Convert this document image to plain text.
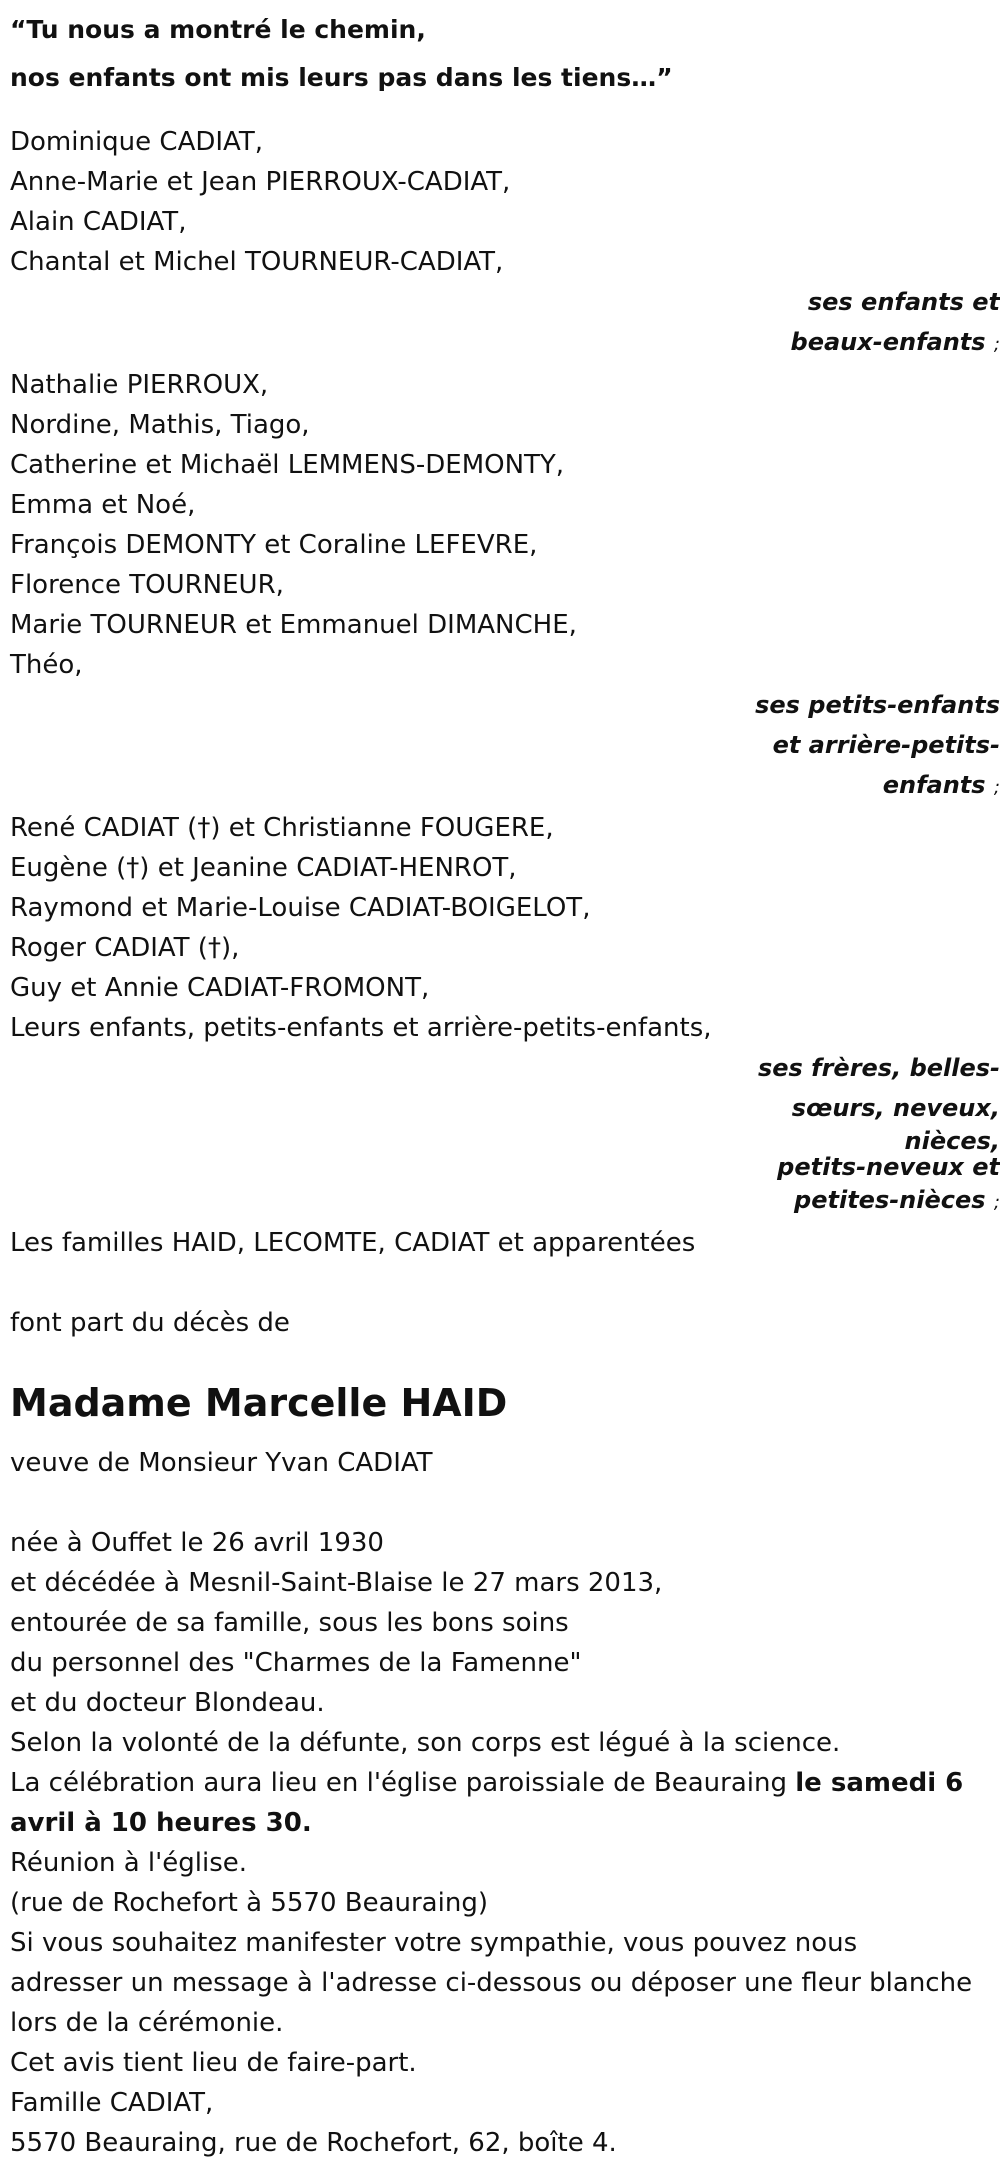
“Tu nous a montré le chemin,
nos enfants ont mis leurs pas dans les tiens…”
Dominique CADIAT,
Anne-Marie et Jean PIERROUX-CADIAT,
Alain CADIAT,
Chantal et Michel TOURNEUR-CADIAT,
ses enfants et
beaux-enfants ;
Nathalie PIERROUX,
Nordine, Mathis, Tiago,
Catherine et Michaël LEMMENS-DEMONTY,
Emma et Noé,
François DEMONTY et Coraline LEFEVRE,
Florence TOURNEUR,
Marie TOURNEUR et Emmanuel DIMANCHE,
Théo,
ses petits-enfants
et arrière-petits-
enfants ;
René CADIAT (†) et Christianne FOUGERE,
Eugène (†) et Jeanine CADIAT-HENROT,
Raymond et Marie-Louise CADIAT-BOIGELOT,
Roger CADIAT (†),
Guy et Annie CADIAT-FROMONT,
Leurs enfants, petits-enfants et arrière-petits-enfants,
ses frères, belles-
sœurs, neveux,
nièces,
petits-neveux et
petites-nièces ;
Les familles HAID, LECOMTE, CADIAT et apparentées
font part du décès de
Madame Marcelle HAID
veuve de Monsieur Yvan CADIAT
née à Ouffet le 26 avril 1930
et décédée à Mesnil-Saint-Blaise le 27 mars 2013,
entourée de sa famille, sous les bons soins
du personnel des "Charmes de la Famenne"
et du docteur Blondeau.
Selon la volonté de la défunte, son corps est légué à la science.
La célébration aura lieu en l'église paroissiale de Beauraing le samedi 6
avril à 10 heures 30.
Réunion à l'église.
(rue de Rochefort à 5570 Beauraing)
Si vous souhaitez manifester votre sympathie, vous pouvez nous
adresser un message à l'adresse ci-dessous ou déposer une fleur blanche
lors de la cérémonie.
Cet avis tient lieu de faire-part.
Famille CADIAT,
5570 Beauraing, rue de Rochefort, 62, boîte 4.
